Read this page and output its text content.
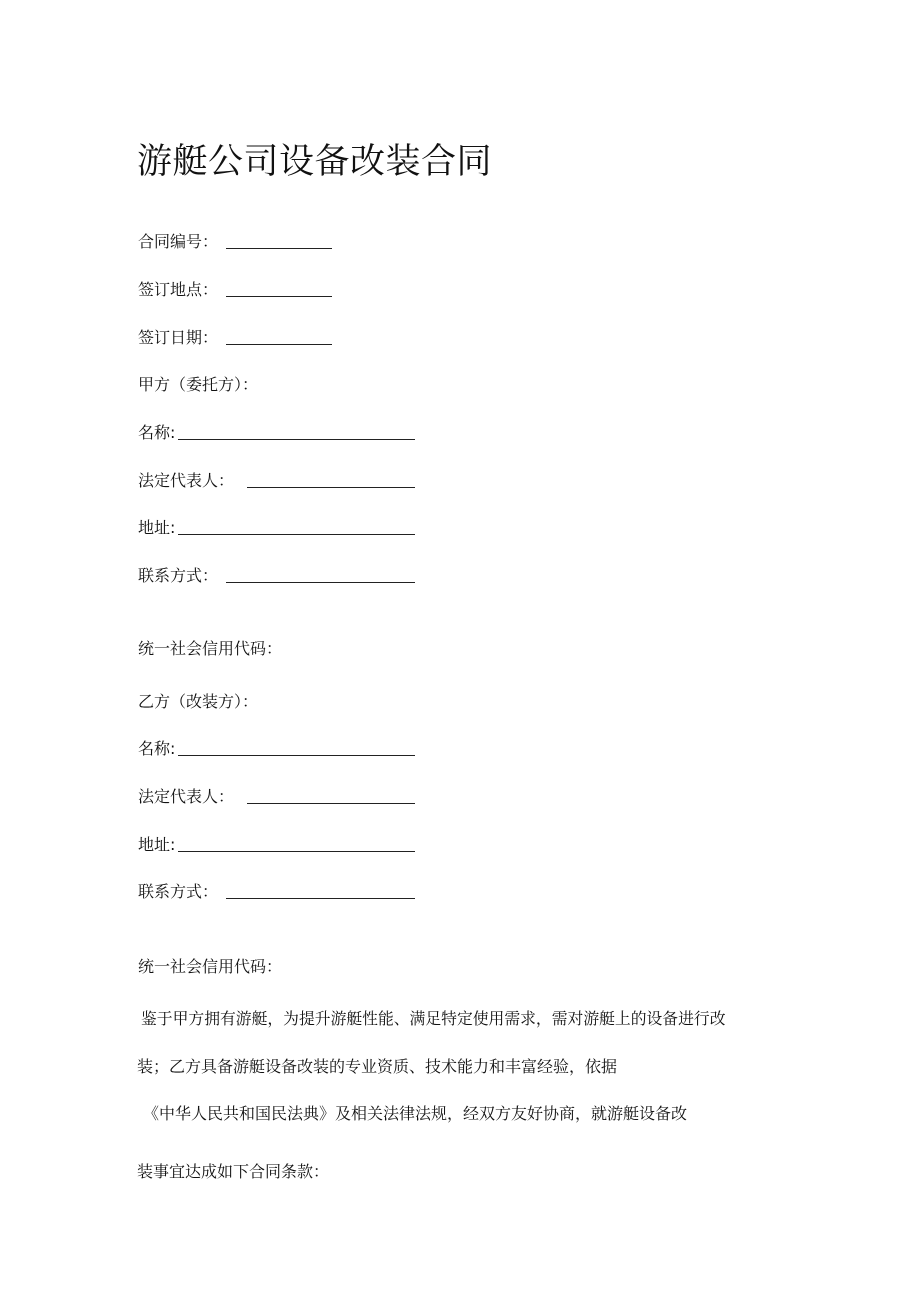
游艇公司设备改装合同
合同编号：
签订地点：
签订日期：
甲方（委托方）：
名称:
法定代表人：
地址:
联系方式：
统一社会信用代码：
乙方（改装方）：
名称:
法定代表人：
地址:
联系方式：
统一社会信用代码：
鉴于甲方拥有游艇，为提升游艇性能、满足特定使用需求，需对游艇上的设备进行改
装；乙方具备游艇设备改装的专业资质、技术能力和丰富经验，依据
《中华人民共和国民法典》及相关法律法规，经双方友好协商，就游艇设备改
装事宜达成如下合同条款：
